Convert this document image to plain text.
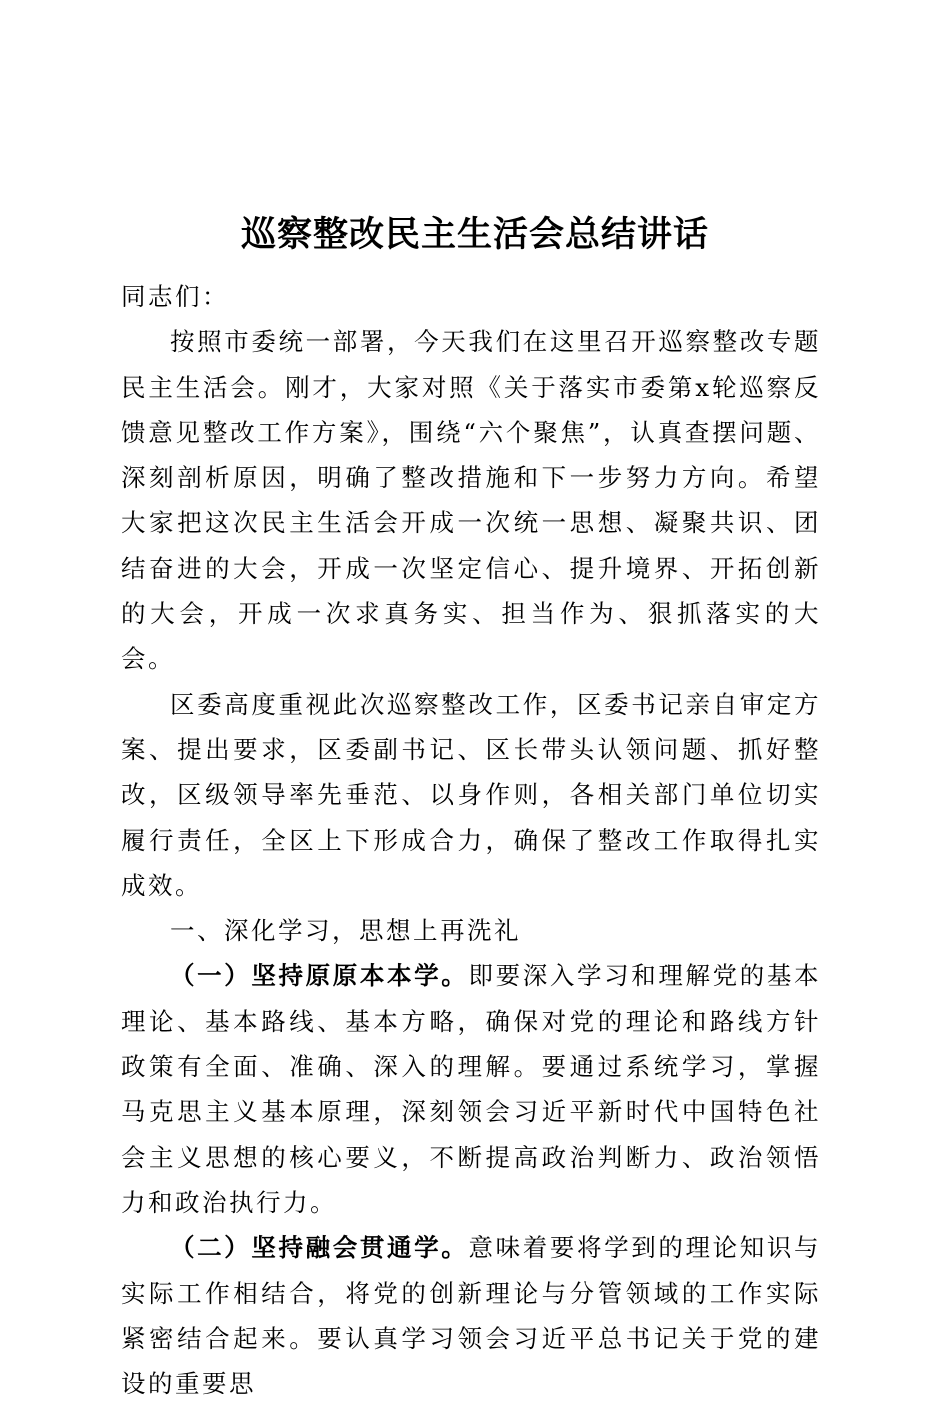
巡察整改民主生活会总结讲话

同志们：

按照市委统一部署，今天我们在这里召开巡察整改专题民主生活会。刚才，大家对照《关于落实市委第x轮巡察反馈意见整改工作方案》，围绕“六个聚焦”，认真查摆问题、深刻剖析原因，明确了整改措施和下一步努力方向。希望大家把这次民主生活会开成一次统一思想、凝聚共识、团结奋进的大会，开成一次坚定信心、提升境界、开拓创新的大会，开成一次求真务实、担当作为、狠抓落实的大会。

区委高度重视此次巡察整改工作，区委书记亲自审定方案、提出要求，区委副书记、区长带头认领问题、抓好整改，区级领导率先垂范、以身作则，各相关部门单位切实履行责任，全区上下形成合力，确保了整改工作取得扎实成效。

一、深化学习，思想上再洗礼

（一）坚持原原本本学。即要深入学习和理解党的基本理论、基本路线、基本方略，确保对党的理论和路线方针政策有全面、准确、深入的理解。要通过系统学习，掌握马克思主义基本原理，深刻领会习近平新时代中国特色社会主义思想的核心要义，不断提高政治判断力、政治领悟力和政治执行力。

（二）坚持融会贯通学。意味着要将学到的理论知识与实际工作相结合，将党的创新理论与分管领域的工作实际紧密结合起来。要认真学习领会习近平总书记关于党的建设的重要思
